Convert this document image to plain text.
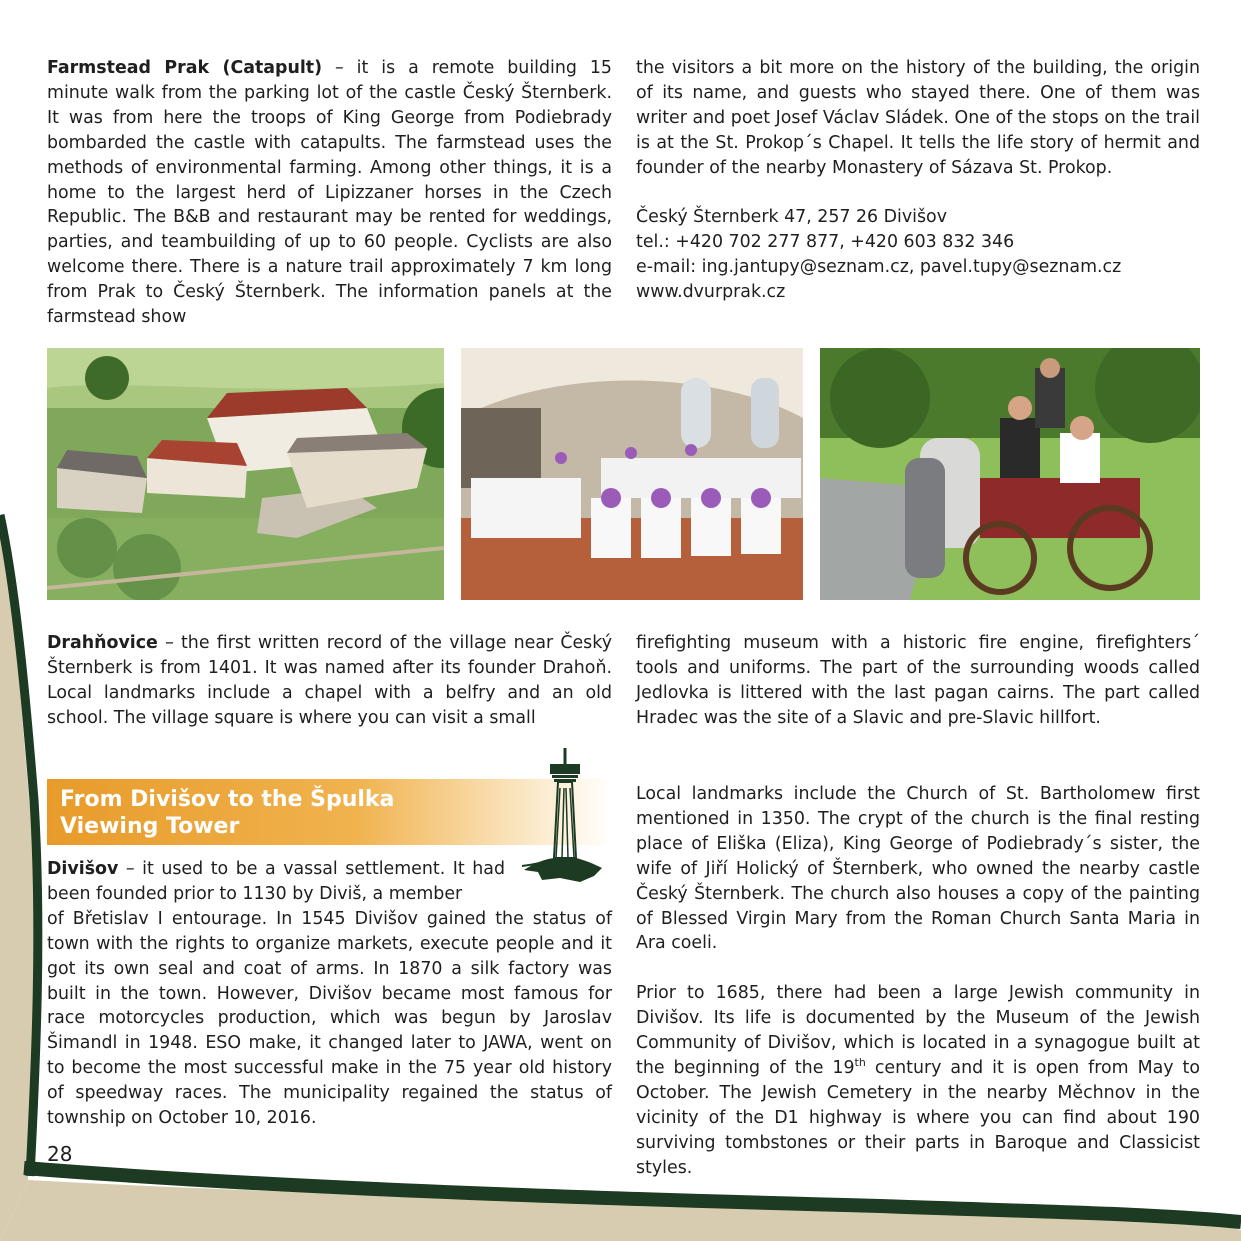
Farmstead Prak (Catapult) – it is a remote building 15 minute walk from the parking lot of the castle Český Šternberk. It was from here the troops of King George from Podiebrady bombarded the castle with catapults. The farmstead uses the methods of environmental farming. Among other things, it is a home to the largest herd of Lipizzaner horses in the Czech Republic. The B&B and restaurant may be rented for weddings, parties, and teambuilding of up to 60 people. Cyclists are also welcome there. There is a nature trail approximately 7 km long from Prak to Český Šternberk. The information panels at the farmstead show

the visitors a bit more on the history of the building, the origin of its name, and guests who stayed there. One of them was writer and poet Josef Václav Sládek. One of the stops on the trail is at the St. Prokop´s Chapel. It tells the life story of hermit and founder of the nearby Monastery of Sázava St. Prokop.

Český Šternberk 47, 257 26 Divišov
tel.: +420 702 277 877, +420 603 832 346
e-mail: ing.jantupy@seznam.cz, pavel.tupy@seznam.cz
www.dvurprak.cz

Drahňovice – the first written record of the village near Český Šternberk is from 1401. It was named after its founder Drahoň. Local landmarks include a chapel with a belfry and an old school. The village square is where you can visit a small

firefighting museum with a historic fire engine, firefighters´ tools and uniforms. The part of the surrounding woods called Jedlovka is littered with the last pagan cairns. The part called Hradec was the site of a Slavic and pre-Slavic hillfort.

From Divišov to the Špulka
Viewing Tower

Divišov – it used to be a vassal settlement. It had been founded prior to 1130 by Diviš, a member

of Břetislav I entourage. In 1545 Divišov gained the status of town with the rights to organize markets, execute people and it got its own seal and coat of arms. In 1870 a silk factory was built in the town. However, Divišov became most famous for race motorcycles production, which was begun by Jaroslav Šimandl in 1948. ESO make, it changed later to JAWA, went on to become the most successful make in the 75 year old history of speedway races. The municipality regained the status of township on October 10, 2016.

Local landmarks include the Church of St. Bartholomew first mentioned in 1350. The crypt of the church is the final resting place of Eliška (Eliza), King George of Podiebrady´s sister, the wife of Jiří Holický of Šternberk, who owned the nearby castle Český Šternberk. The church also houses a copy of the painting of Blessed Virgin Mary from the Roman Church Santa Maria in Ara coeli.

Prior to 1685, there had been a large Jewish community in Divišov. Its life is documented by the Museum of the Jewish Community of Divišov, which is located in a synagogue built at the beginning of the 19th century and it is open from May to October. The Jewish Cemetery in the nearby Měchnov in the vicinity of the D1 highway is where you can find about 190 surviving tombstones or their parts in Baroque and Classicist styles.

28
